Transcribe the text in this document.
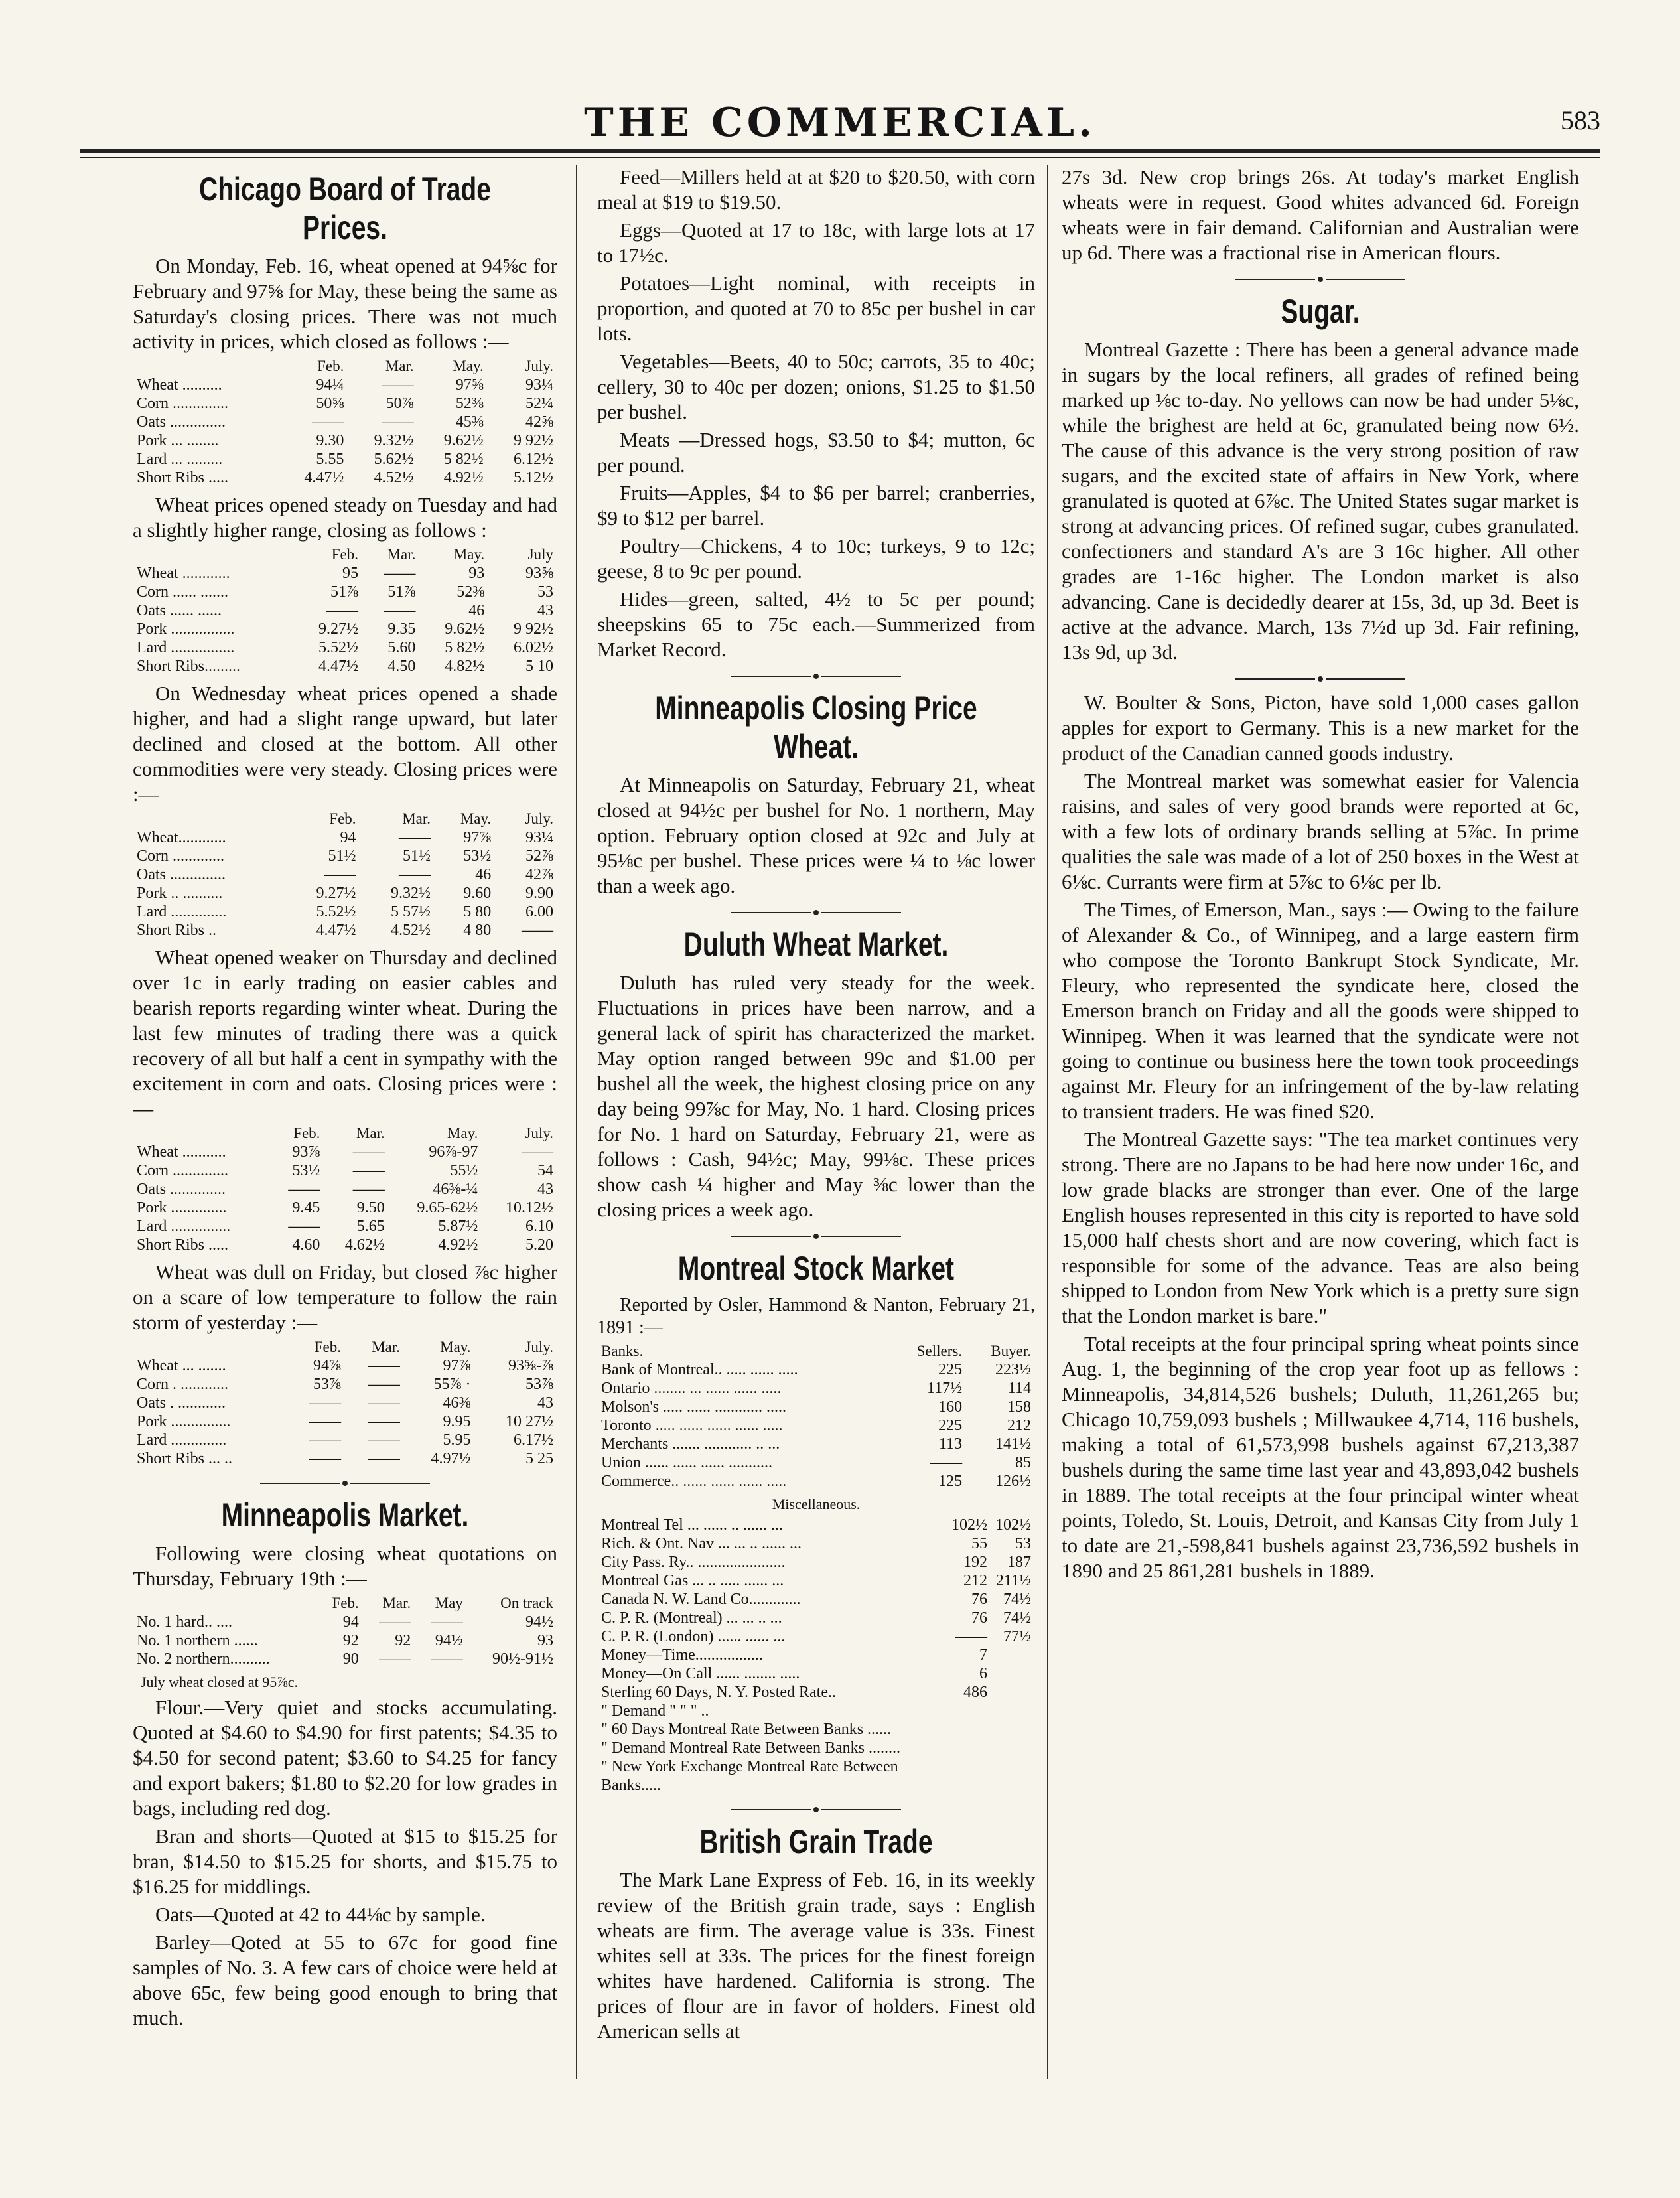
THE COMMERCIAL.	583
Chicago Board of Trade Prices.

On Monday, Feb. 16, wheat opened at 94⅝c for February and 97⅝ for May, these being the same as Saturday's closing prices. There was not much activity in prices, which closed as follows :—

	Feb.	Mar.	May.	July.
Wheat ..........	94¼	——	97⅝	93¼
Corn ..............	50⅝	50⅞	52⅜	52¼
Oats ..............	——	——	45⅜	42⅝
Pork ... ........	9.30	9.32½	9.62½	9 92½
Lard ... .........	5.55	5.62½	5 82½	6.12½
Short Ribs .....	4.47½	4.52½	4.92½	5.12½

Wheat prices opened steady on Tuesday and had a slightly higher range, closing as follows :

	Feb.	Mar.	May.	July
Wheat ............	95	——	93	93⅝
Corn ...... .......	51⅞	51⅞	52⅜	53
Oats ...... ......	——	——	46	43
Pork ................	9.27½	9.35	9.62½	9 92½
Lard ................	5.52½	5.60	5 82½	6.02½
Short Ribs.........	4.47½	4.50	4.82½	5 10

On Wednesday wheat prices opened a shade higher, and had a slight range upward, but later declined and closed at the bottom. All other commodities were very steady. Closing prices were :—

	Feb.	Mar.	May.	July.
Wheat............	94	——	97⅞	93¼
Corn .............	51½	51½	53½	52⅞
Oats ..............	——	——	46	42⅞
Pork .. ..........	9.27½	9.32½	9.60	9.90
Lard ..............	5.52½	5 57½	5 80	6.00
Short Ribs ..	4.47½	4.52½	4 80	——

Wheat opened weaker on Thursday and declined over 1c in early trading on easier cables and bearish reports regarding winter wheat. During the last few minutes of trading there was a quick recovery of all but half a cent in sympathy with the excitement in corn and oats. Closing prices were :—

	Feb.	Mar.	May.	July.
Wheat ...........	93⅞	——	96⅞-97	——
Corn ..............	53½	——	55½	54
Oats ..............	——	——	46⅜-¼	43
Pork ..............	9.45	9.50	9.65-62½	10.12½
Lard ...............	——	5.65	5.87½	6.10
Short Ribs .....	4.60	4.62½	4.92½	5.20

Wheat was dull on Friday, but closed ⅞c higher on a scare of low temperature to follow the rain storm of yesterday :—

	Feb.	Mar.	May.	July.
Wheat ... .......	94⅞	——	97⅞	93⅝-⅞
Corn . ............	53⅞	——	55⅞ ·	53⅞
Oats . ............	——	——	46⅜	43
Pork ...............	——	——	9.95	10 27½
Lard ..............	——	——	5.95	6.17½
Short Ribs ... ..	——	——	4.97½	5 25
Minneapolis Market.

Following were closing wheat quotations on Thursday, February 19th :—

	Feb.	Mar.	May	On track
No. 1 hard.. ....	94	——	——	94½
No. 1 northern ......	92	92	94½	93
No. 2 northern..........	90	——	——	90½-91½
July wheat closed at 95⅞c.

Flour.—Very quiet and stocks accumulating. Quoted at $4.60 to $4.90 for first patents; $4.35 to $4.50 for second patent; $3.60 to $4.25 for fancy and export bakers; $1.80 to $2.20 for low grades in bags, including red dog.

Bran and shorts—Quoted at $15 to $15.25 for bran, $14.50 to $15.25 for shorts, and $15.75 to $16.25 for middlings.

Oats—Quoted at 42 to 44⅛c by sample.

Barley—Qoted at 55 to 67c for good fine samples of No. 3. A few cars of choice were held at above 65c, few being good enough to bring that much.

Feed—Millers held at at $20 to $20.50, with corn meal at $19 to $19.50.

Eggs—Quoted at 17 to 18c, with large lots at 17 to 17½c.

Potatoes—Light nominal, with receipts in proportion, and quoted at 70 to 85c per bushel in car lots.

Vegetables—Beets, 40 to 50c; carrots, 35 to 40c; cellery, 30 to 40c per dozen; onions, $1.25 to $1.50 per bushel.

Meats —Dressed hogs, $3.50 to $4; mutton, 6c per pound.

Fruits—Apples, $4 to $6 per barrel; cranberries, $9 to $12 per barrel.

Poultry—Chickens, 4 to 10c; turkeys, 9 to 12c; geese, 8 to 9c per pound.

Hides—green, salted, 4½ to 5c per pound; sheepskins 65 to 75c each.—Summerized from Market Record.

Minneapolis Closing Price Wheat.

At Minneapolis on Saturday, February 21, wheat closed at 94½c per bushel for No. 1 northern, May option. February option closed at 92c and July at 95⅛c per bushel. These prices were ¼ to ⅛c lower than a week ago.

Duluth Wheat Market.

Duluth has ruled very steady for the week. Fluctuations in prices have been narrow, and a general lack of spirit has characterized the market. May option ranged between 99c and $1.00 per bushel all the week, the highest closing price on any day being 99⅞c for May, No. 1 hard. Closing prices for No. 1 hard on Saturday, February 21, were as follows : Cash, 94½c; May, 99⅛c. These prices show cash ¼ higher and May ⅜c lower than the closing prices a week ago.

Montreal Stock Market

Reported by Osler, Hammond & Nanton, February 21, 1891 :—

Banks.	Sellers.	Buyer.
Bank of Montreal.. ..... ...... .....	225	223½
Ontario ........ ... ...... ...... .....	117½	114
Molson's ..... ...... ............ .....	160	158
Toronto ..... ...... ...... ...... .....	225	212
Merchants ....... ............ .. ...	113	141½
Union ...... ...... ...... ...........	——	85
Commerce.. ...... ...... ...... .....	125	126½
Miscellaneous.
Montreal Tel ... ...... .. ...... ...	102½	102½
Rich. & Ont. Nav ... ... .. ...... ...	55	53
City Pass. Ry.. ......................	192	187
Montreal Gas ... .. ..... ...... ...	212	211½
Canada N. W. Land Co.............	76	74½
C. P. R. (Montreal) ... ... .. ...	76	74½
C. P. R. (London) ...... ...... ...	——	77½
Money—Time.................	7	
Money—On Call ...... ........ .....	6	
Sterling 60 Days, N. Y. Posted Rate..	486	
" Demand " " " ..		
" 60 Days Montreal Rate Between Banks ......		
" Demand Montreal Rate Between Banks ........		
" New York Exchange Montreal Rate Between Banks.....		
British Grain Trade

The Mark Lane Express of Feb. 16, in its weekly review of the British grain trade, says : English wheats are firm. The average value is 33s. Finest whites sell at 33s. The prices for the finest foreign whites have hardened. California is strong. The prices of flour are in favor of holders. Finest old American sells at

27s 3d. New crop brings 26s. At today's market English wheats were in request. Good whites advanced 6d. Foreign wheats were in fair demand. Californian and Australian were up 6d. There was a fractional rise in American flours.

Sugar.

Montreal Gazette : There has been a general advance made in sugars by the local refiners, all grades of refined being marked up ⅛c to-day. No yellows can now be had under 5⅛c, while the brighest are held at 6c, granulated being now 6½. The cause of this advance is the very strong position of raw sugars, and the excited state of affairs in New York, where granulated is quoted at 6⅞c. The United States sugar market is strong at advancing prices. Of refined sugar, cubes granulated. confectioners and standard A's are 3 16c higher. All other grades are 1-16c higher. The London market is also advancing. Cane is decidedly dearer at 15s, 3d, up 3d. Beet is active at the advance. March, 13s 7½d up 3d. Fair refining, 13s 9d, up 3d.

W. Boulter & Sons, Picton, have sold 1,000 cases gallon apples for export to Germany. This is a new market for the product of the Canadian canned goods industry.

The Montreal market was somewhat easier for Valencia raisins, and sales of very good brands were reported at 6c, with a few lots of ordinary brands selling at 5⅞c. In prime qualities the sale was made of a lot of 250 boxes in the West at 6⅛c. Currants were firm at 5⅞c to 6⅛c per lb.

The Times, of Emerson, Man., says :— Owing to the failure of Alexander & Co., of Winnipeg, and a large eastern firm who compose the Toronto Bankrupt Stock Syndicate, Mr. Fleury, who represented the syndicate here, closed the Emerson branch on Friday and all the goods were shipped to Winnipeg. When it was learned that the syndicate were not going to continue ou business here the town took proceedings against Mr. Fleury for an infringement of the by-law relating to transient traders. He was fined $20.

The Montreal Gazette says: "The tea market continues very strong. There are no Japans to be had here now under 16c, and low grade blacks are stronger than ever. One of the large English houses represented in this city is reported to have sold 15,000 half chests short and are now covering, which fact is responsible for some of the advance. Teas are also being shipped to London from New York which is a pretty sure sign that the London market is bare."

Total receipts at the four principal spring wheat points since Aug. 1, the beginning of the crop year foot up as fellows : Minneapolis, 34,814,526 bushels; Duluth, 11,261,265 bu; Chicago 10,759,093 bushels ; Millwaukee 4,714, 116 bushels, making a total of 61,573,998 bushels against 67,213,387 bushels during the same time last year and 43,893,042 bushels in 1889. The total receipts at the four principal winter wheat points, Toledo, St. Louis, Detroit, and Kansas City from July 1 to date are 21,-598,841 bushels against 23,736,592 bushels in 1890 and 25 861,281 bushels in 1889.
